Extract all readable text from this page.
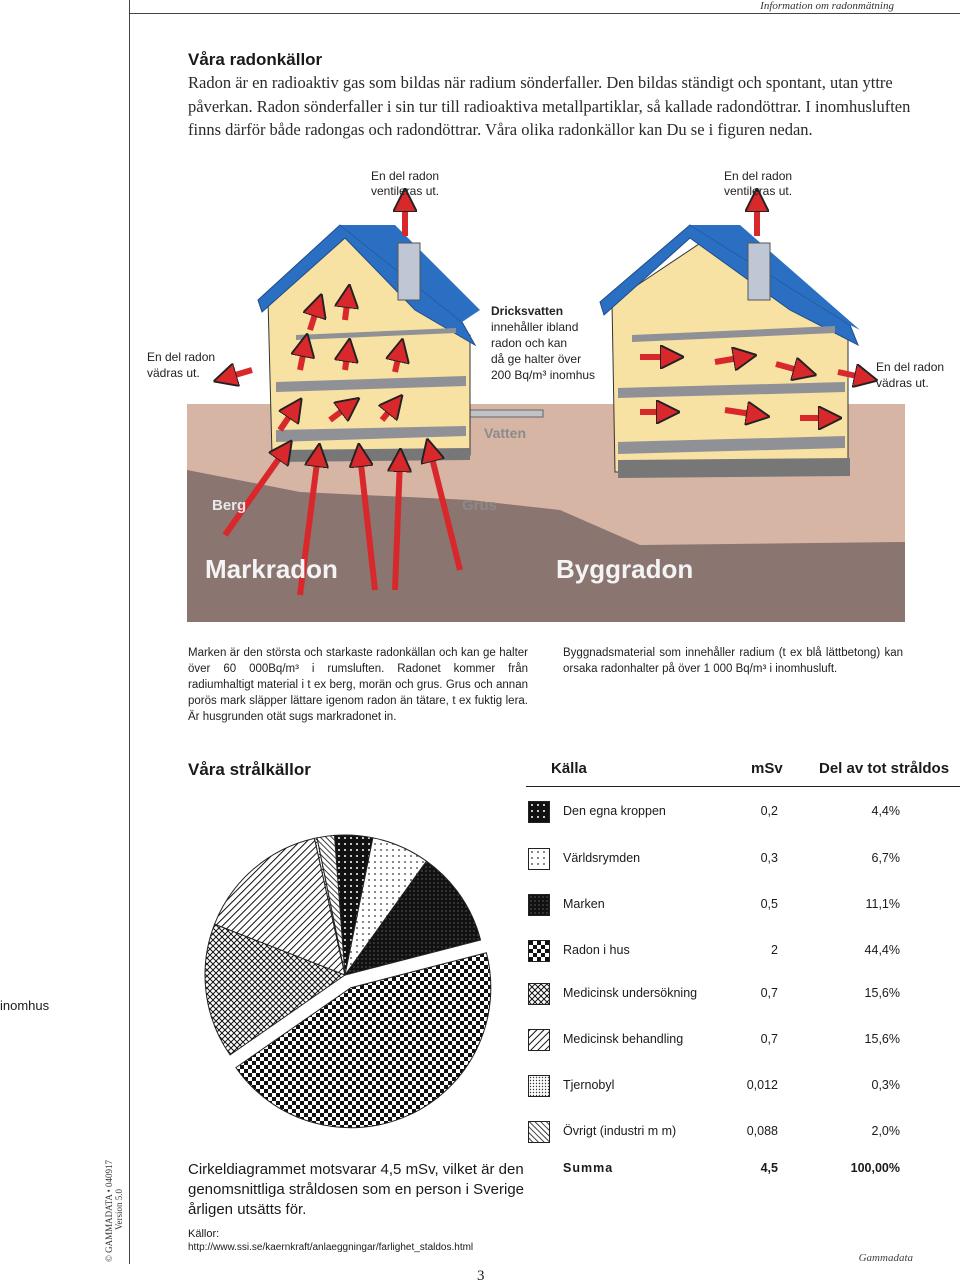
Information om radonmätning
Våra radonkällor
Radon är en radioaktiv gas som bildas när radium sönderfaller. Den bildas ständigt och spontant, utan yttre påverkan. Radon sönderfaller i sin tur till radioaktiva metallpartiklar, så kallade radondöttrar. I inomhusluften finns därför både radongas och radondöttrar. Våra olika radonkällor kan Du se i figuren nedan.
En del radon
ventileras ut.
En del radon
ventileras ut.
En del radon
vädras ut.	En del radon
vädras ut.
Dricksvatten
innehåller ibland
radon och kan
då ge halter över
200 Bq/m³ inomhus
Vatten
Berg	Grus
Markradon	Byggradon
Marken är den största och starkaste radonkällan och kan ge halter över 60 000Bq/m³ i rumsluften. Radonet kommer från radiumhaltigt material i t ex berg, morän och grus. Grus och annan porös mark släpper lättare igenom radon än tätare, t ex fuktig lera. Är husgrunden otät sugs markradonet in.
Byggnadsmaterial som innehåller radium (t ex blå lättbetong) kan orsaka radonhalter på över 1 000 Bq/m³ i inomhusluft.
Våra strålkällor	Källa	mSv Del av tot stråldos
Den egna kroppen	0,2	4,4%
Världsrymden	0,3	6,7%
Marken	0,5	11,1%
Radon i hus	2	44,4%
Medicinsk undersökning	0,7	15,6%
Medicinsk behandling	0,7	15,6%
Tjernobyl	0,012	0,3%
Övrigt (industri m m)	0,088	2,0%
inomhus
Summa	4,5	100,00%
Cirkeldiagrammet motsvarar 4,5 mSv, vilket är den genomsnittliga stråldosen som en person i Sverige årligen utsätts för.
Källor:
http://www.ssi.se/kaernkraft/anlaeggningar/farlighet_staldos.html
© GAMMADATA • 040917 Version 5.0
3
Gammadata
